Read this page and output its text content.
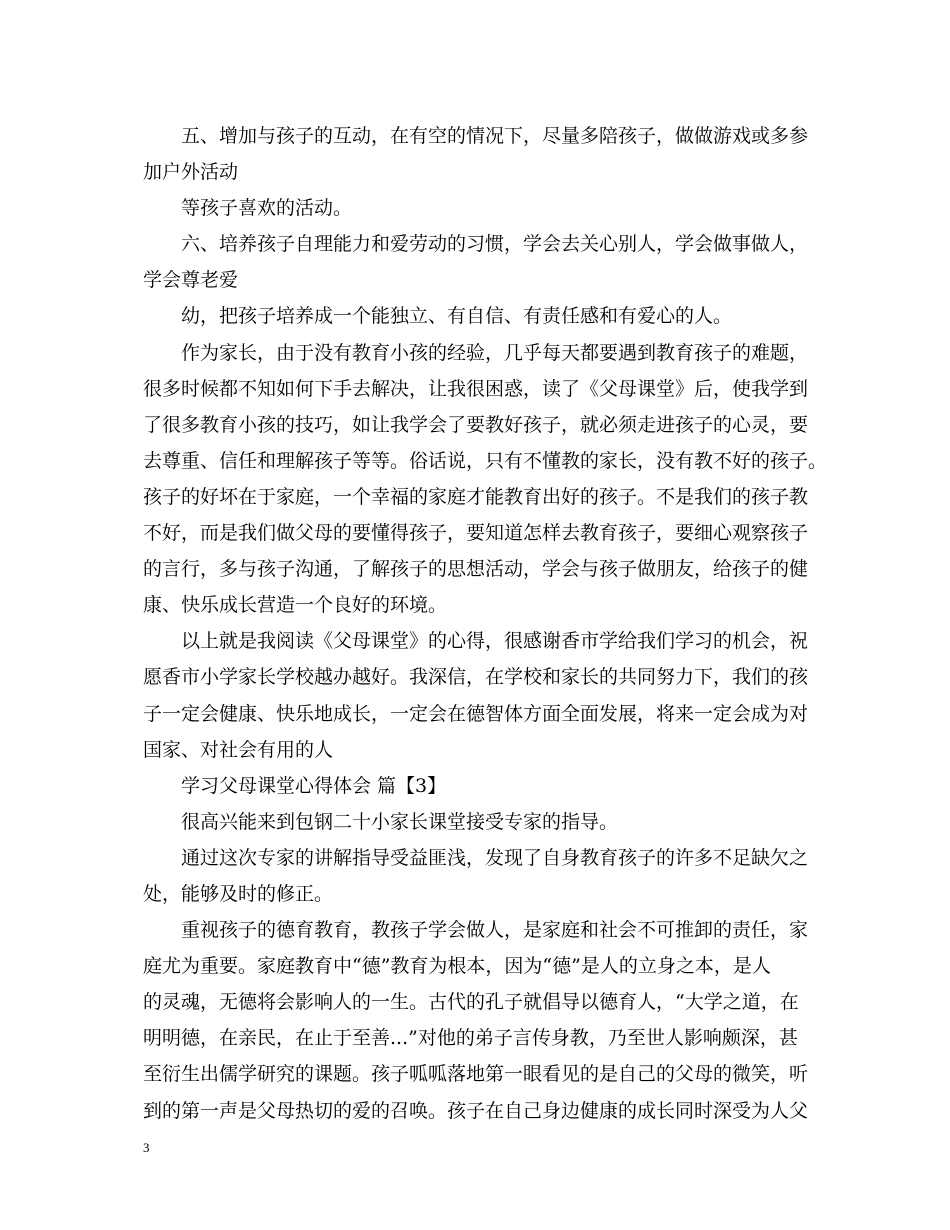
五、增加与孩子的互动，在有空的情况下，尽量多陪孩子，做做游戏或多参
加户外活动
等孩子喜欢的活动。
六、培养孩子自理能力和爱劳动的习惯，学会去关心别人，学会做事做人，
学会尊老爱
幼，把孩子培养成一个能独立、有自信、有责任感和有爱心的人。
作为家长，由于没有教育小孩的经验，几乎每天都要遇到教育孩子的难题，
很多时候都不知如何下手去解决，让我很困惑，读了《父母课堂》后，使我学到
了很多教育小孩的技巧，如让我学会了要教好孩子，就必须走进孩子的心灵，要
去尊重、信任和理解孩子等等。俗话说，只有不懂教的家长，没有教不好的孩子。
孩子的好坏在于家庭，一个幸福的家庭才能教育出好的孩子。不是我们的孩子教
不好，而是我们做父母的要懂得孩子，要知道怎样去教育孩子，要细心观察孩子
的言行，多与孩子沟通，了解孩子的思想活动，学会与孩子做朋友，给孩子的健
康、快乐成长营造一个良好的环境。
以上就是我阅读《父母课堂》的心得，很感谢香市学给我们学习的机会，祝
愿香市小学家长学校越办越好。我深信，在学校和家长的共同努力下，我们的孩
子一定会健康、快乐地成长，一定会在德智体方面全面发展，将来一定会成为对
国家、对社会有用的人
学习父母课堂心得体会 篇【3】
很高兴能来到包钢二十小家长课堂接受专家的指导。
通过这次专家的讲解指导受益匪浅，发现了自身教育孩子的许多不足缺欠之
处，能够及时的修正。
重视孩子的德育教育，教孩子学会做人，是家庭和社会不可推卸的责任，家
庭尤为重要。家庭教育中“德”教育为根本，因为“德”是人的立身之本，是人
的灵魂，无德将会影响人的一生。古代的孔子就倡导以德育人，“大学之道，在
明明德，在亲民，在止于至善...”对他的弟子言传身教，乃至世人影响颇深，甚
至衍生出儒学研究的课题。孩子呱呱落地第一眼看见的是自己的父母的微笑，听
到的第一声是父母热切的爱的召唤。孩子在自己身边健康的成长同时深受为人父
3
